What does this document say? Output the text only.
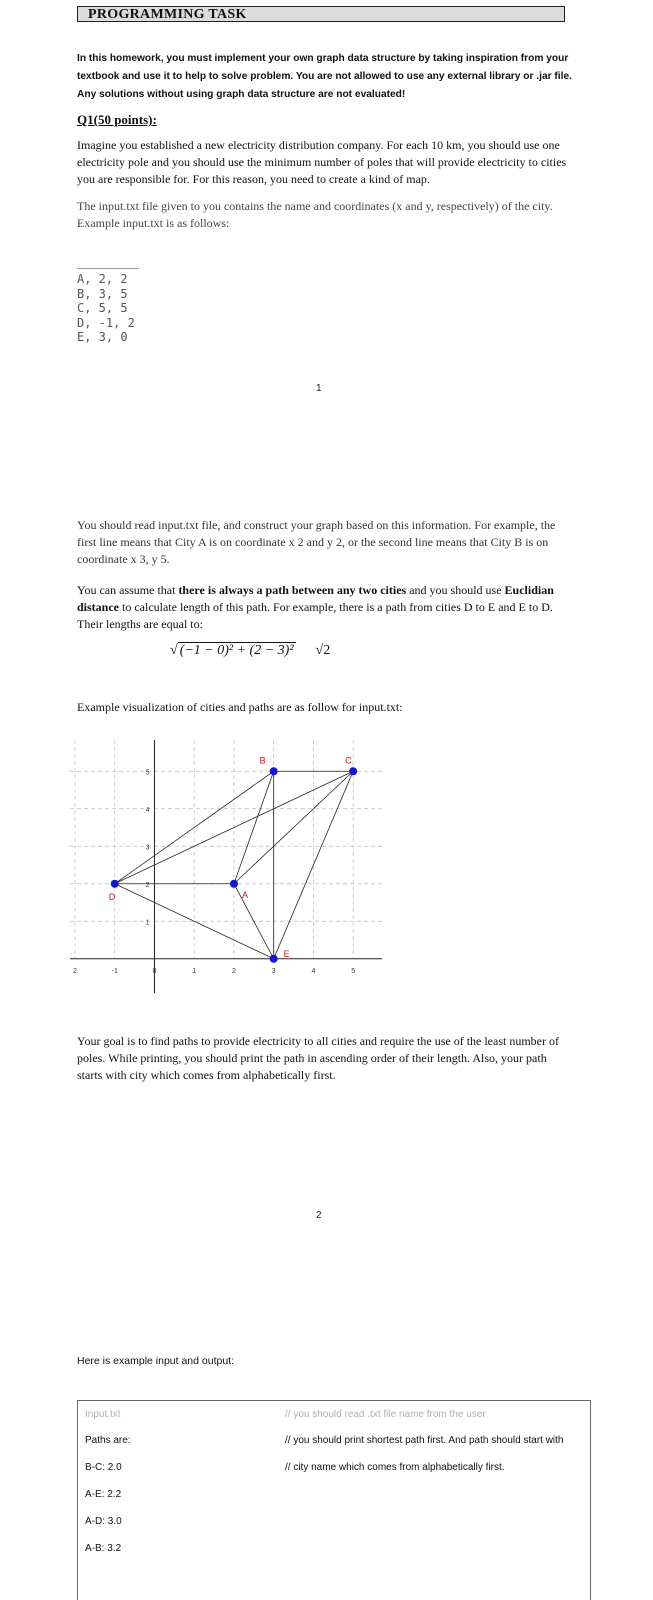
PROGRAMMING TASK
In this homework, you must implement your own graph data structure by taking inspiration from your textbook and use it to help to solve problem. You are not allowed to use any external library or .jar file. Any solutions without using graph data structure are not evaluated!
Q1(50 points):
Imagine you established a new electricity distribution company. For each 10 km, you should use one electricity pole and you should use the minimum number of poles that will provide electricity to cities you are responsible for. For this reason, you need to create a kind of map.
The input.txt file given to you contains the name and coordinates (x and y, respectively) of the city. Example input.txt is as follows:
A, 2, 2
B, 3, 5
C, 5, 5
D, -1, 2
E, 3, 0
1
You should read input.txt file, and construct your graph based on this information. For example, the first line means that City A is on coordinate x 2 and y 2, or the second line means that City B is on coordinate x 3, y 5.
You can assume that there is always a path between any two cities and you should use Euclidian distance to calculate length of this path. For example, there is a path from cities D to E and E to D. Their lengths are equal to:
√ (−1 − 0)² + (2 − 3)² √2
Example visualization of cities and paths are as follow for input.txt:
2	-1	0	1	2	3	4	5
1
2
3
4
5
A
B	C
D
E
Your goal is to find paths to provide electricity to all cities and require the use of the least number of poles. While printing, you should print the path in ascending order of their length. Also, your path starts with city which comes from alphabetically first.
2
Here is example input and output:
Input.txt	// you should read .txt file name from the user
Paths are:	// you should print shortest path first. And path should start with
B-C: 2.0	// city name which comes from alphabetically first.
A-E: 2.2
A-D: 3.0
A-B: 3.2
